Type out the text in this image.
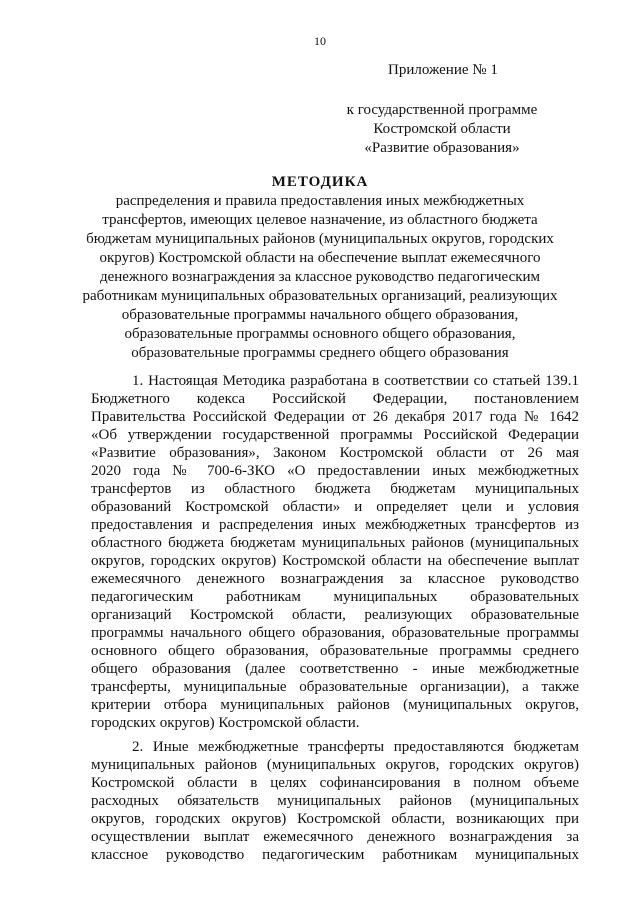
10
Приложение № 1
к государственной программе
Костромской области
«Развитие образования»
МЕТОДИКА
распределения и правила предоставления иных межбюджетных
трансфертов, имеющих целевое назначение, из областного бюджета
бюджетам муниципальных районов (муниципальных округов, городских
округов) Костромской области на обеспечение выплат ежемесячного
денежного вознаграждения за классное руководство педагогическим
работникам муниципальных образовательных организаций, реализующих
образовательные программы начального общего образования,
образовательные программы основного общего образования,
образовательные программы среднего общего образования
1. Настоящая Методика разработана в соответствии со статьей 139.1
Бюджетного кодекса Российской Федерации, постановлением
Правительства Российской Федерации от 26 декабря 2017 года № 1642
«Об утверждении государственной программы Российской Федерации
«Развитие образования», Законом Костромской области от 26 мая
2020 года № 700-6-ЗКО «О предоставлении иных межбюджетных
трансфертов из областного бюджета бюджетам муниципальных
образований Костромской области» и определяет цели и условия
предоставления и распределения иных межбюджетных трансфертов из
областного бюджета бюджетам муниципальных районов (муниципальных
округов, городских округов) Костромской области на обеспечение выплат
ежемесячного денежного вознаграждения за классное руководство
педагогическим работникам муниципальных образовательных
организаций Костромской области, реализующих образовательные
программы начального общего образования, образовательные программы
основного общего образования, образовательные программы среднего
общего образования (далее соответственно - иные межбюджетные
трансферты, муниципальные образовательные организации), а также
критерии отбора муниципальных районов (муниципальных округов,
городских округов) Костромской области.
2. Иные межбюджетные трансферты предоставляются бюджетам
муниципальных районов (муниципальных округов, городских округов)
Костромской области в целях софинансирования в полном объеме
расходных обязательств муниципальных районов (муниципальных
округов, городских округов) Костромской области, возникающих при
осуществлении выплат ежемесячного денежного вознаграждения за
классное руководство педагогическим работникам муниципальных
